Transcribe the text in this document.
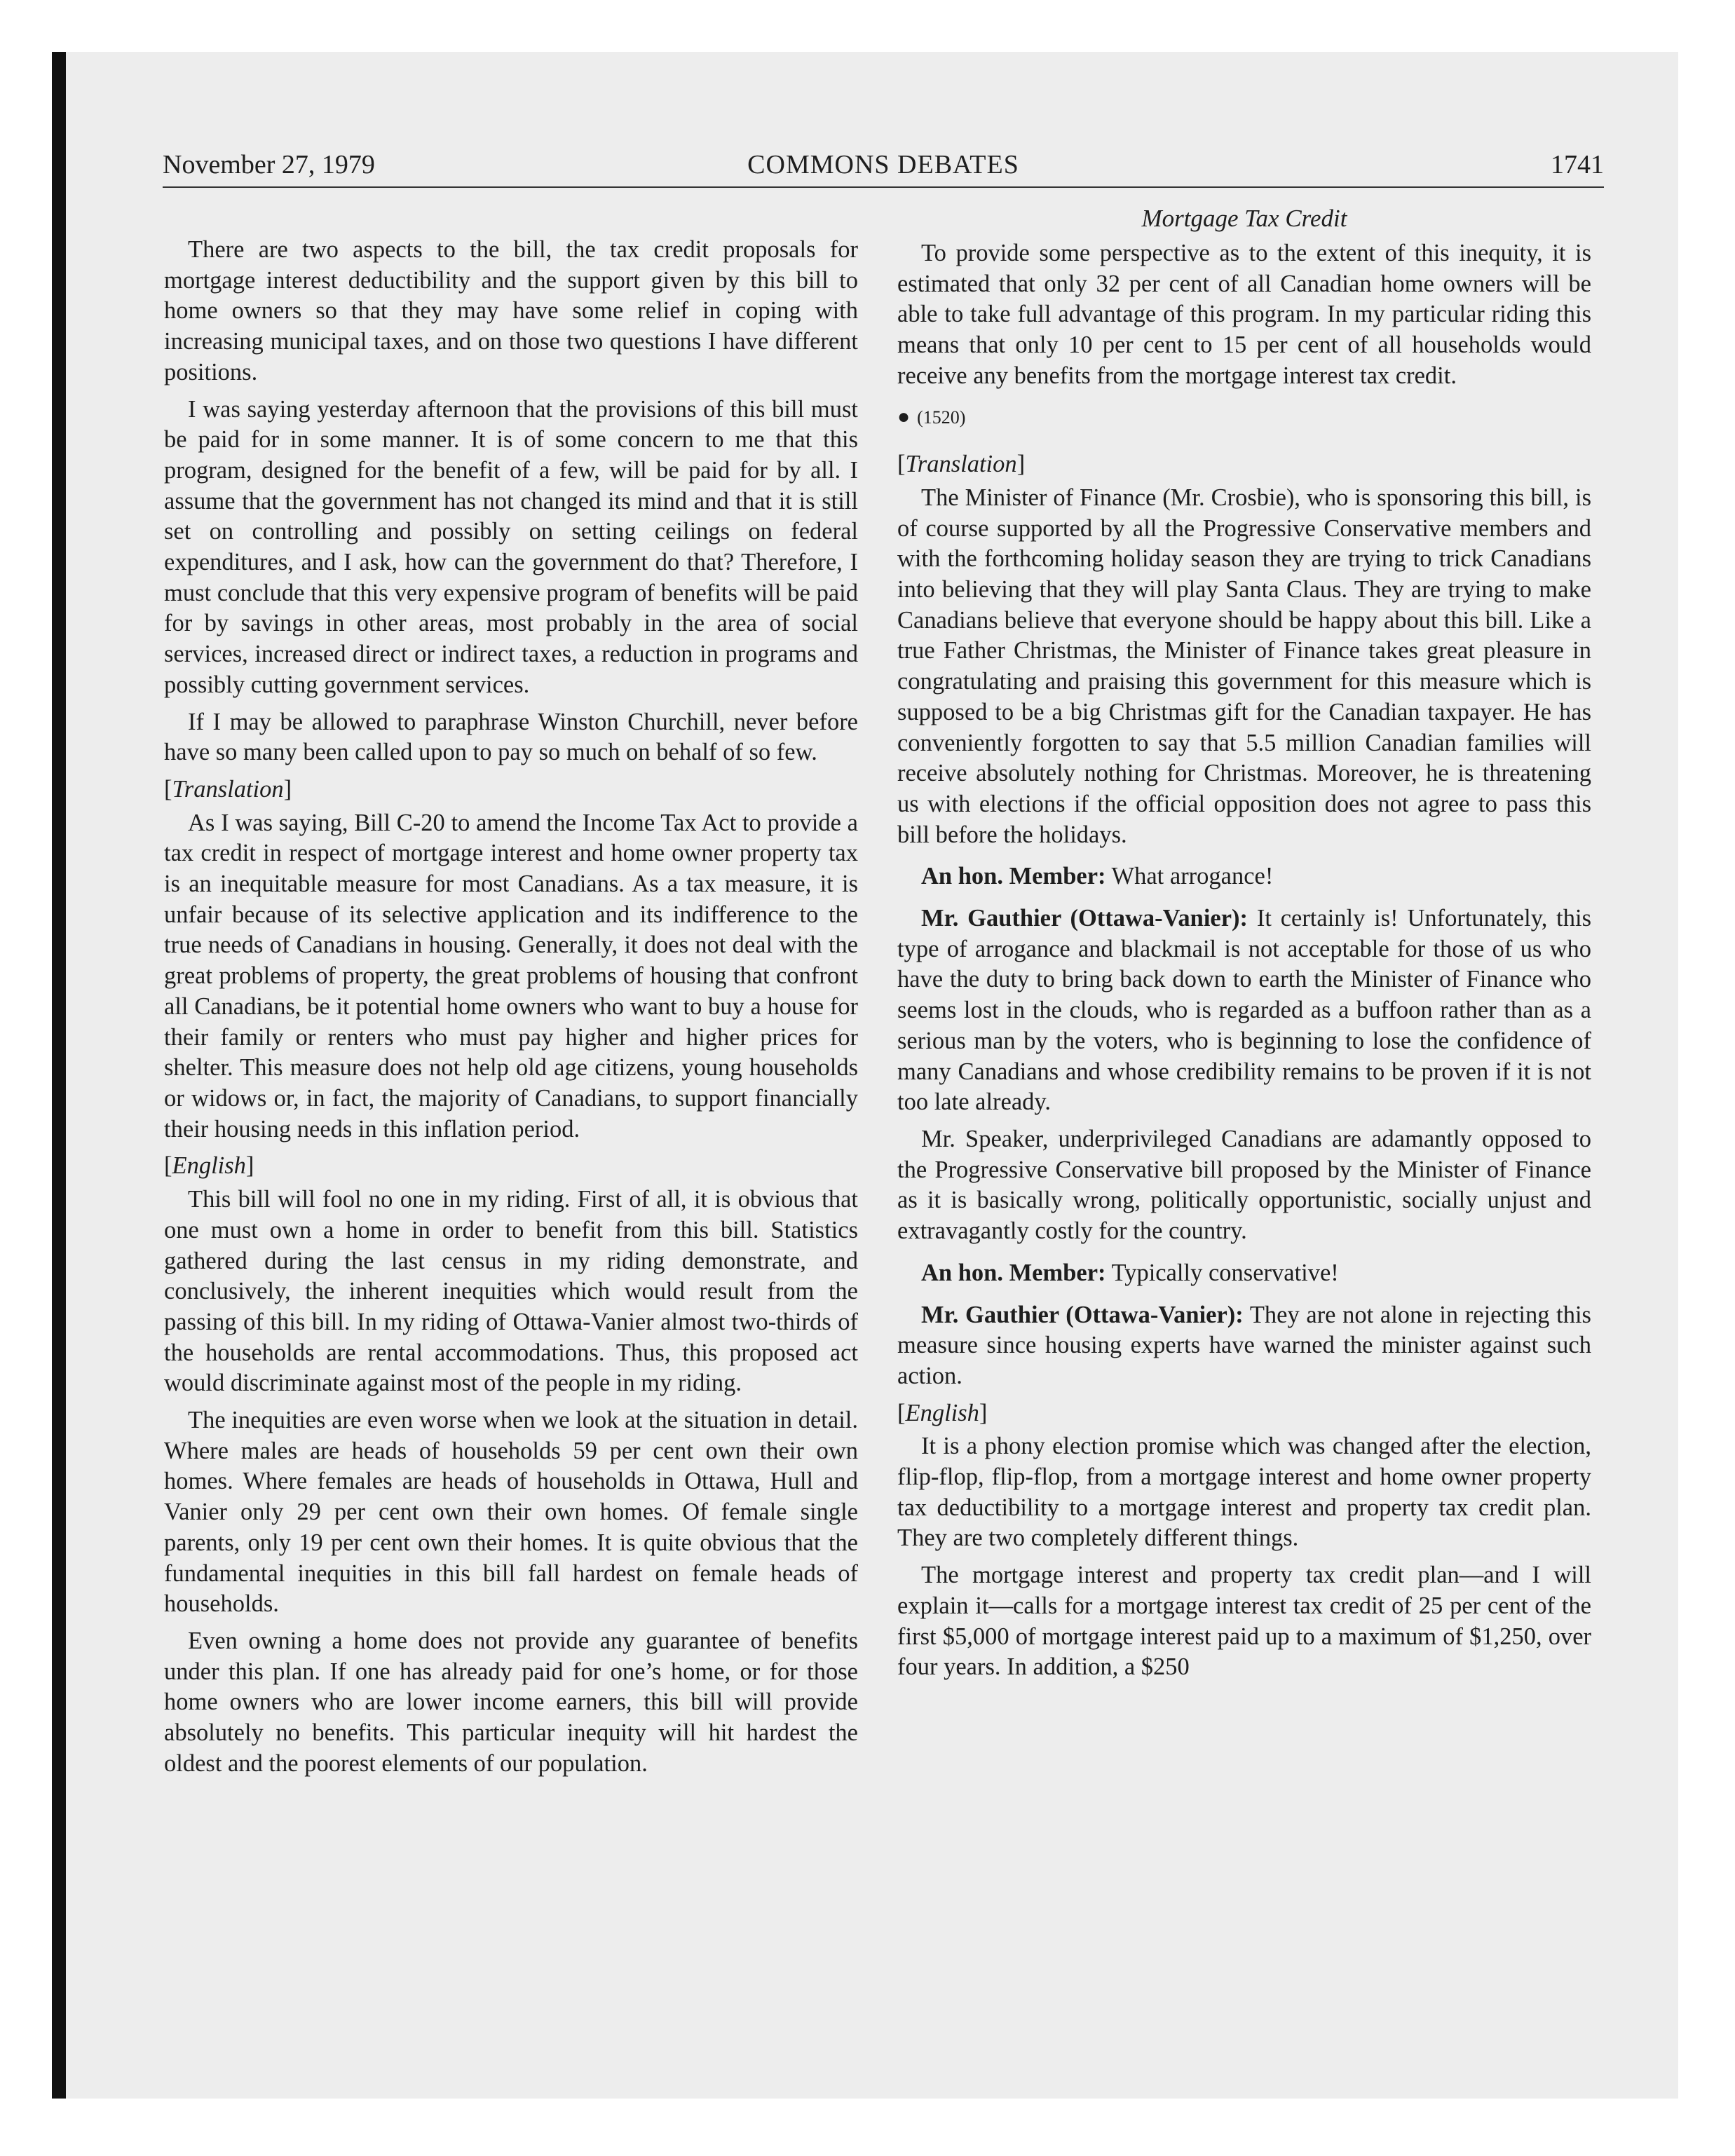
November 27, 1979	COMMONS DEBATES	1741

There are two aspects to the bill, the tax credit proposals for mortgage interest deductibility and the support given by this bill to home owners so that they may have some relief in coping with increasing municipal taxes, and on those two questions I have different positions.

I was saying yesterday afternoon that the provisions of this bill must be paid for in some manner. It is of some concern to me that this program, designed for the benefit of a few, will be paid for by all. I assume that the government has not changed its mind and that it is still set on controlling and possibly on setting ceilings on federal expenditures, and I ask, how can the government do that? Therefore, I must conclude that this very expensive program of benefits will be paid for by savings in other areas, most probably in the area of social services, increased direct or indirect taxes, a reduction in programs and possibly cutting government services.

If I may be allowed to paraphrase Winston Churchill, never before have so many been called upon to pay so much on behalf of so few.

[Translation]

As I was saying, Bill C-20 to amend the Income Tax Act to provide a tax credit in respect of mortgage interest and home owner property tax is an inequitable measure for most Canadians. As a tax measure, it is unfair because of its selective application and its indifference to the true needs of Canadians in housing. Generally, it does not deal with the great problems of property, the great problems of housing that confront all Canadians, be it potential home owners who want to buy a house for their family or renters who must pay higher and higher prices for shelter. This measure does not help old age citizens, young households or widows or, in fact, the majority of Canadians, to support financially their housing needs in this inflation period.

[English]

This bill will fool no one in my riding. First of all, it is obvious that one must own a home in order to benefit from this bill. Statistics gathered during the last census in my riding demonstrate, and conclusively, the inherent inequities which would result from the passing of this bill. In my riding of Ottawa-Vanier almost two-thirds of the households are rental accommodations. Thus, this proposed act would discriminate against most of the people in my riding.

The inequities are even worse when we look at the situation in detail. Where males are heads of households 59 per cent own their own homes. Where females are heads of households in Ottawa, Hull and Vanier only 29 per cent own their own homes. Of female single parents, only 19 per cent own their homes. It is quite obvious that the fundamental inequities in this bill fall hardest on female heads of households.

Even owning a home does not provide any guarantee of benefits under this plan. If one has already paid for one’s home, or for those home owners who are lower income earners, this bill will provide absolutely no benefits. This particular inequity will hit hardest the oldest and the poorest elements of our population.

Mortgage Tax Credit

To provide some perspective as to the extent of this inequity, it is estimated that only 32 per cent of all Canadian home owners will be able to take full advantage of this program. In my particular riding this means that only 10 per cent to 15 per cent of all households would receive any benefits from the mortgage interest tax credit.

● (1520)

[Translation]

The Minister of Finance (Mr. Crosbie), who is sponsoring this bill, is of course supported by all the Progressive Conservative members and with the forthcoming holiday season they are trying to trick Canadians into believing that they will play Santa Claus. They are trying to make Canadians believe that everyone should be happy about this bill. Like a true Father Christmas, the Minister of Finance takes great pleasure in congratulating and praising this government for this measure which is supposed to be a big Christmas gift for the Canadian taxpayer. He has conveniently forgotten to say that 5.5 million Canadian families will receive absolutely nothing for Christmas. Moreover, he is threatening us with elections if the official opposition does not agree to pass this bill before the holidays.

An hon. Member: What arrogance!

Mr. Gauthier (Ottawa-Vanier): It certainly is! Unfortunately, this type of arrogance and blackmail is not acceptable for those of us who have the duty to bring back down to earth the Minister of Finance who seems lost in the clouds, who is regarded as a buffoon rather than as a serious man by the voters, who is beginning to lose the confidence of many Canadians and whose credibility remains to be proven if it is not too late already.

Mr. Speaker, underprivileged Canadians are adamantly opposed to the Progressive Conservative bill proposed by the Minister of Finance as it is basically wrong, politically opportunistic, socially unjust and extravagantly costly for the country.

An hon. Member: Typically conservative!

Mr. Gauthier (Ottawa-Vanier): They are not alone in rejecting this measure since housing experts have warned the minister against such action.

[English]

It is a phony election promise which was changed after the election, flip-flop, flip-flop, from a mortgage interest and home owner property tax deductibility to a mortgage interest and property tax credit plan. They are two completely different things.

The mortgage interest and property tax credit plan—and I will explain it—calls for a mortgage interest tax credit of 25 per cent of the first $5,000 of mortgage interest paid up to a maximum of $1,250, over four years. In addition, a $250
